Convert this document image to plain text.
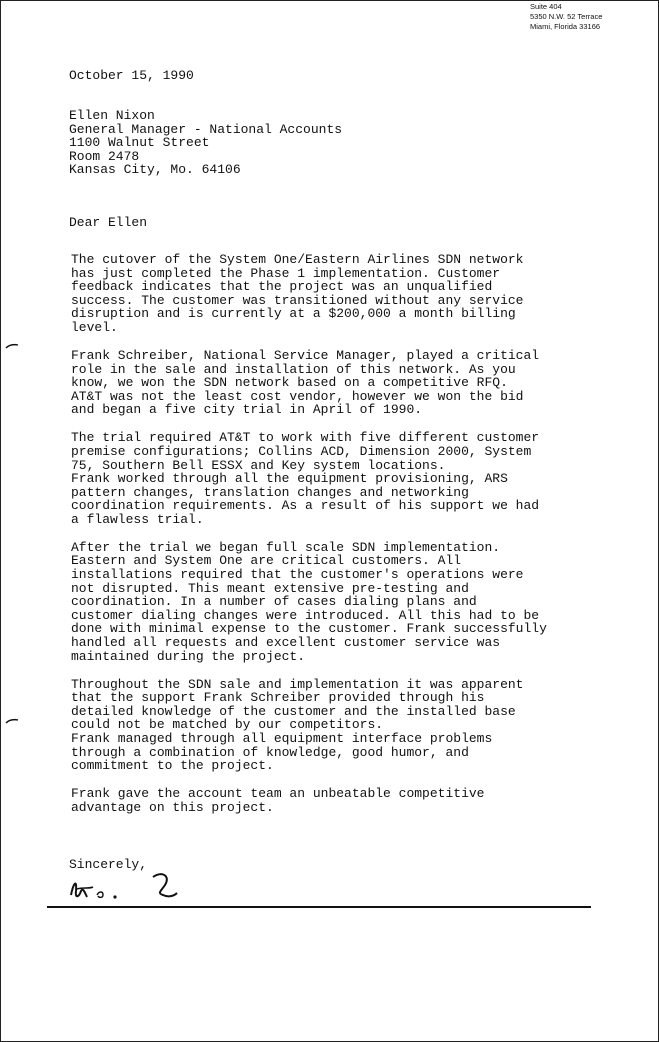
Suite 404
5350 N.W. 52 Terrace
Miami, Florida 33166
October 15, 1990
Ellen Nixon
General Manager - National Accounts
1100 Walnut Street
Room 2478
Kansas City, Mo. 64106
Dear Ellen
The cutover of the System One/Eastern Airlines SDN network
has just completed the Phase 1 implementation. Customer
feedback indicates that the project was an unqualified
success. The customer was transitioned without any service
disruption and is currently at a $200,000 a month billing
level.
Frank Schreiber, National Service Manager, played a critical
role in the sale and installation of this network. As you
know, we won the SDN network based on a competitive RFQ.
AT&T was not the least cost vendor, however we won the bid
and began a five city trial in April of 1990.
The trial required AT&T to work with five different customer
premise configurations; Collins ACD, Dimension 2000, System
75, Southern Bell ESSX and Key system locations.
Frank worked through all the equipment provisioning, ARS
pattern changes, translation changes and networking
coordination requirements. As a result of his support we had
a flawless trial.
After the trial we began full scale SDN implementation.
Eastern and System One are critical customers. All
installations required that the customer's operations were
not disrupted. This meant extensive pre-testing and
coordination. In a number of cases dialing plans and
customer dialing changes were introduced. All this had to be
done with minimal expense to the customer. Frank successfully
handled all requests and excellent customer service was
maintained during the project.
Throughout the SDN sale and implementation it was apparent
that the support Frank Schreiber provided through his
detailed knowledge of the customer and the installed base
could not be matched by our competitors.
Frank managed through all equipment interface problems
through a combination of knowledge, good humor, and
commitment to the project.
Frank gave the account team an unbeatable competitive
advantage on this project.
Sincerely,
